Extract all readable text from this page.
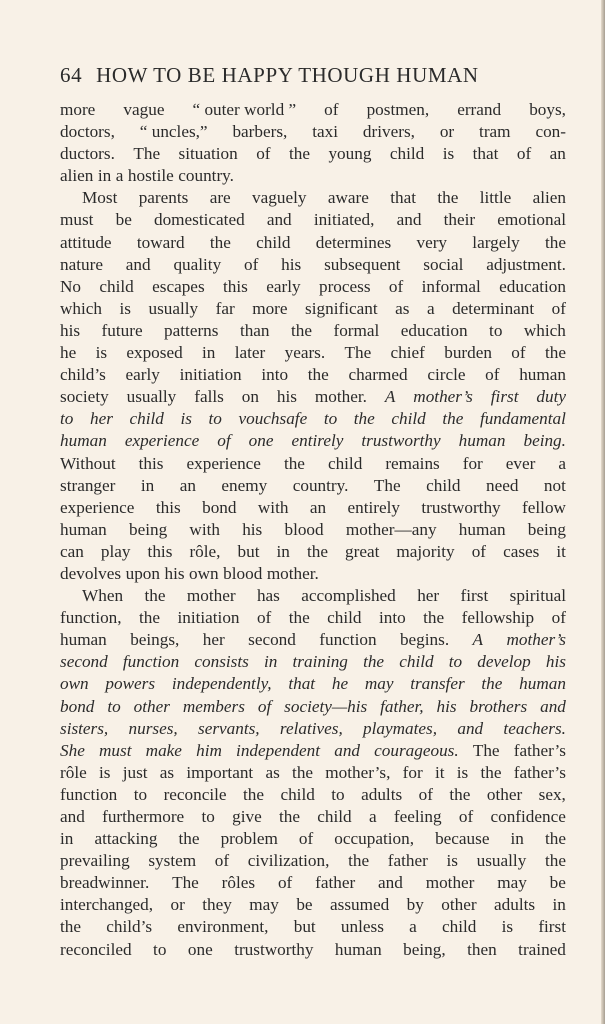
64 HOW TO BE HAPPY THOUGH HUMAN
more vague “ outer world ” of postmen, errand boys,
doctors, “ uncles,” barbers, taxi drivers, or tram con-
ductors. The situation of the young child is that of an
alien in a hostile country.
Most parents are vaguely aware that the little alien
must be domesticated and initiated, and their emotional
attitude toward the child determines very largely the
nature and quality of his subsequent social adjustment.
No child escapes this early process of informal education
which is usually far more significant as a determinant of
his future patterns than the formal education to which
he is exposed in later years. The chief burden of the
child’s early initiation into the charmed circle of human
society usually falls on his mother. A mother’s first duty
to her child is to vouchsafe to the child the fundamental
human experience of one entirely trustworthy human being.
Without this experience the child remains for ever a
stranger in an enemy country. The child need not
experience this bond with an entirely trustworthy fellow
human being with his blood mother—any human being
can play this rôle, but in the great majority of cases it
devolves upon his own blood mother.
When the mother has accomplished her first spiritual
function, the initiation of the child into the fellowship of
human beings, her second function begins. A mother’s
second function consists in training the child to develop his
own powers independently, that he may transfer the human
bond to other members of society—his father, his brothers and
sisters, nurses, servants, relatives, playmates, and teachers.
She must make him independent and courageous. The father’s
rôle is just as important as the mother’s, for it is the father’s
function to reconcile the child to adults of the other sex,
and furthermore to give the child a feeling of confidence
in attacking the problem of occupation, because in the
prevailing system of civilization, the father is usually the
breadwinner. The rôles of father and mother may be
interchanged, or they may be assumed by other adults in
the child’s environment, but unless a child is first
reconciled to one trustworthy human being, then trained
